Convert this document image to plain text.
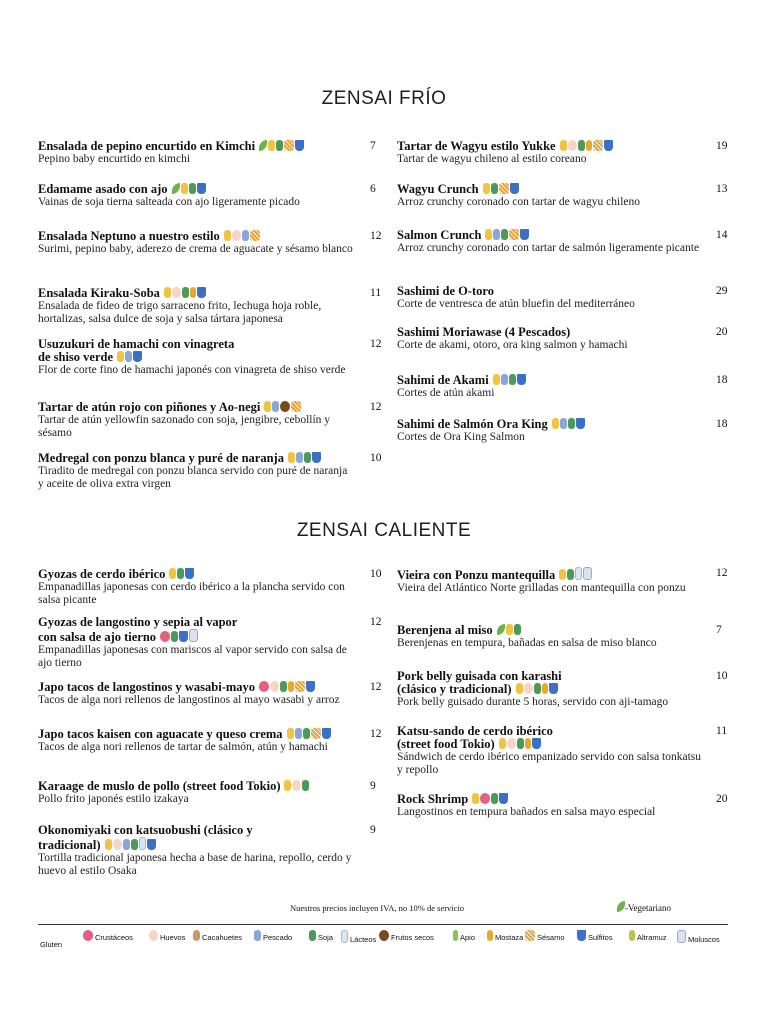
ZENSAI FRÍO
ZENSAI CALIENTE
Ensalada de pepino encurtido en Kimchi
Pepino baby encurtido en kimchi
7
Edamame asado con ajo
Vainas de soja tierna salteada con ajo ligeramente picado
6
Ensalada Neptuno a nuestro estilo
Surimi, pepino baby, aderezo de crema de aguacate y sésamo blanco
12
Ensalada Kiraku-Soba
Ensalada de fideo de trigo sarraceno frito, lechuga hoja roble, hortalizas, salsa dulce de soja y salsa tártara japonesa
11
Usuzukuri de hamachi con vinagreta
de shiso verde
Flor de corte fino de hamachi japonés con vinagreta de shiso verde
12
Tartar de atún rojo con piñones y Ao-negi
Tartar de atún yellowfin sazonado con soja, jengibre, cebollín y sésamo
12
Medregal con ponzu blanca y puré de naranja
Tiradito de medregal con ponzu blanca servido con puré de naranja y aceite de oliva extra virgen
10
Tartar de Wagyu estilo Yukke
Tartar de wagyu chileno al estilo coreano
19
Wagyu Crunch
Arroz crunchy coronado con tartar de wagyu chileno
13
Salmon Crunch
Arroz crunchy coronado con tartar de salmón ligeramente picante
14
Sashimi de O-toro
Corte de ventresca de atún bluefin del mediterráneo
29
Sashimi Moriawase (4 Pescados)
Corte de akami, otoro, ora king salmon y hamachi
20
Sahimi de Akami
Cortes de atún akami
18
Sahimi de Salmón Ora King
Cortes de Ora King Salmon
18
Gyozas de cerdo ibérico
Empanadillas japonesas con cerdo ibérico a la plancha servido con salsa picante
10
Gyozas de langostino y sepia al vapor
con salsa de ajo tierno
Empanadillas japonesas con mariscos al vapor servido con salsa de ajo tierno
12
Japo tacos de langostinos y wasabi-mayo
Tacos de alga nori rellenos de langostinos al mayo wasabi y arroz
12
Japo tacos kaisen con aguacate y queso crema
Tacos de alga nori rellenos de tartar de salmón, atún y hamachi
12
Karaage de muslo de pollo (street food Tokio)
Pollo frito japonés estilo izakaya
9
Okonomiyaki con katsuobushi (clásico y
tradicional)
Tortilla tradicional japonesa hecha a base de harina, repollo, cerdo y huevo al estilo Osaka
9
Vieira con Ponzu mantequilla
Vieira del Atlántico Norte grilladas con mantequilla con ponzu
12
Berenjena al miso
Berenjenas en tempura, bañadas en salsa de miso blanco
7
Pork belly guisada con karashi
(clásico y tradicional)
Pork belly guisado durante 5 horas, servido con aji-tamago
10
Katsu-sando de cerdo ibérico
(street food Tokio)
Sándwich de cerdo ibérico empanizado servido con salsa tonkatsu y repollo
11
Rock Shrimp
Langostinos en tempura bañados en salsa mayo especial
20
Nuestros precios incluyen IVA, no 10% de servicio	-Vegetariano
Gluten
Crustáceos	Huevos	Cacahuetes	Pescado	Soja	Lácteos	Frutos secos	Apio	Mostaza	Sésamo	Sulfitos	Altramuz	Moluscos
